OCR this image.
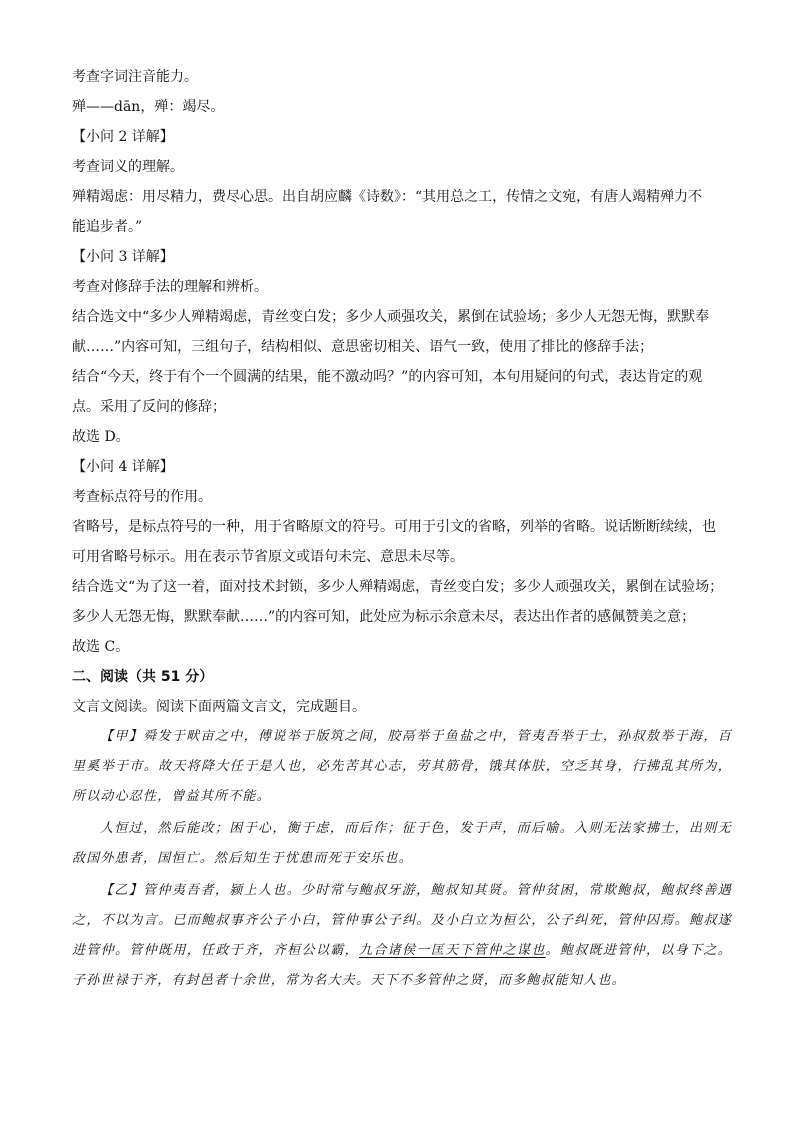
考查字词注音能力。

殚——dān，殚：竭尽。

【小问 2 详解】

考查词义的理解。

殚精竭虑：用尽精力，费尽心思。出自胡应麟《诗数》：“其用总之工，传情之文宛，有唐人竭精殚力不

能追步者。”

【小问 3 详解】

考查对修辞手法的理解和辨析。

结合选文中“多少人殚精竭虑，青丝变白发；多少人顽强攻关，累倒在试验场；多少人无怨无悔，默默奉

献……”内容可知，三组句子，结构相似、意思密切相关、语气一致，使用了排比的修辞手法；

结合“今天，终于有个一个圆满的结果，能不激动吗？”的内容可知，本句用疑问的句式，表达肯定的观

点。采用了反问的修辞；

故选 D。

【小问 4 详解】

考查标点符号的作用。

省略号，是标点符号的一种，用于省略原文的符号。可用于引文的省略，列举的省略。说话断断续续，也

可用省略号标示。用在表示节省原文或语句未完、意思未尽等。

结合选文“为了这一着，面对技术封锁，多少人殚精竭虑，青丝变白发；多少人顽强攻关，累倒在试验场；

多少人无怨无悔，默默奉献……”的内容可知，此处应为标示余意未尽，表达出作者的感佩赞美之意；

故选 C。

二、阅读（共 51 分）

文言文阅读。阅读下面两篇文言文，完成题目。

【甲】舜发于畎亩之中，傅说举于版筑之间，胶鬲举于鱼盐之中，管夷吾举于士，孙叔敖举于海，百里奚举于市。故天将降大任于是人也，必先苦其心志，劳其筋骨，饿其体肤，空乏其身，行拂乱其所为，所以动心忍性，曾益其所不能。

人恒过，然后能改；困于心，衡于虑，而后作；征于色，发于声，而后喻。入则无法家拂士，出则无敌国外患者，国恒亡。然后知生于忧患而死于安乐也。

【乙】管仲夷吾者，颍上人也。少时常与鲍叔牙游，鲍叔知其贤。管仲贫困，常欺鲍叔，鲍叔终善遇之，不以为言。已而鲍叔事齐公子小白，管仲事公子纠。及小白立为桓公，公子纠死，管仲囚焉。鲍叔遂进管仲。管仲既用，任政于齐，齐桓公以霸，九合诸侯一匡天下管仲之谋也。鲍叔既进管仲，以身下之。子孙世禄于齐，有封邑者十余世，常为名大夫。天下不多管仲之贤，而多鲍叔能知人也。
